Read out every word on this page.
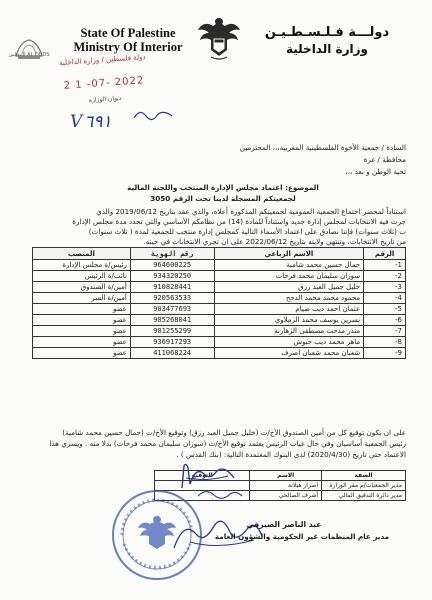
المجلس AL QUDS
State Of Palestine
Ministry Of Interior
دولـــة فـلـسـطـيـن
وزارة الداخلية
دولة فلسطين / وزارة الداخلية
2 1 -07- 2022
ديوان الوزارة
V٦٩١
السادة / جمعية الأخوة الفلسطينية المغربية،،، المحترمين
محافظة / غزة
تحية الوطن و بعد ،،،
الموضوع: اعتماد مجلس الإدارة المنتخب واللجنة المالية
لجمعيتكم المسجلة لدينا تحت الرقم 3050
استناداً لمحضر اجتماع الجمعية العمومية لجمعيتكم المذكورة أعلاه، والذي عقد بتاريخ 2019/06/12 والذي
جرت فيه الانتخابات لمجلس إدارة جديد واستناداً للمادة (14) من نظامكم الأساسي والتي تحدد مدة مجلس الإدارة
ب (ثلاث سنوات) فإننا نصادق على اعتماد الأسماء التالية كمجلس إدارة منتخب للجمعية لمدة ( ثلاث سنوات)
من تاريخ الانتخابات، وتنتهي ولايته بتاريخ 2022/06/12 على ان تجري الانتخابات في حينه.
الرقم	الاسم الرباعي	رقم الهوية	المنصب
-1	جمال حسين محمد شامية	964600225	رئيس/ة مجلس الإدارة
-2	سوزان سليمان محمد فرحات	934320250	نائب/ة الرئيس
-3	خليل جميل العبد رزق	910828441	أمين/ة الصندوق
-4	محمود محمد محمد الدحح	920563533	أمين/ة السر
-5	عثمان احمد ديب صيام	903477693	عضو
-6	نسرين يوسف محمد الزملاوي	905268041	عضو
-7	منذر مدحت مصطفى الزهارنة	901255299	عضو
-8	ماهر محمد ديب حبوش	936917293	عضو
-9	شعبان محمد شعبان اصرف	411068224	عضو
على ان يكون توقيع كل من أمين الصندوق الأخ/ت (خليل جميل العبد رزق) وتوقيع الأخ/ت (جمال حسين محمد شامية)
رئيس الجمعية أساسيان وفي حال غياب الرئيس يعتمد توقيع الأخ/ت (سوزان سليمان محمد فرحات) بدلا منه . ويسري هذا
الاعتماد حتى تاريخ (2020/4/30) لدى البنوك المعتمدة التالية: (بنك القدس ) .
الصفة	الاسم	التوقيع
مدير الجمعيات/م مقر الوزارة	اصرار هيلانة	
مدير دائرة التدقيق المالي	أشرف الصالحي	
عبد الناصر الصيرفي
مدير عام المنظمات غير الحكومية والشؤون العامة
